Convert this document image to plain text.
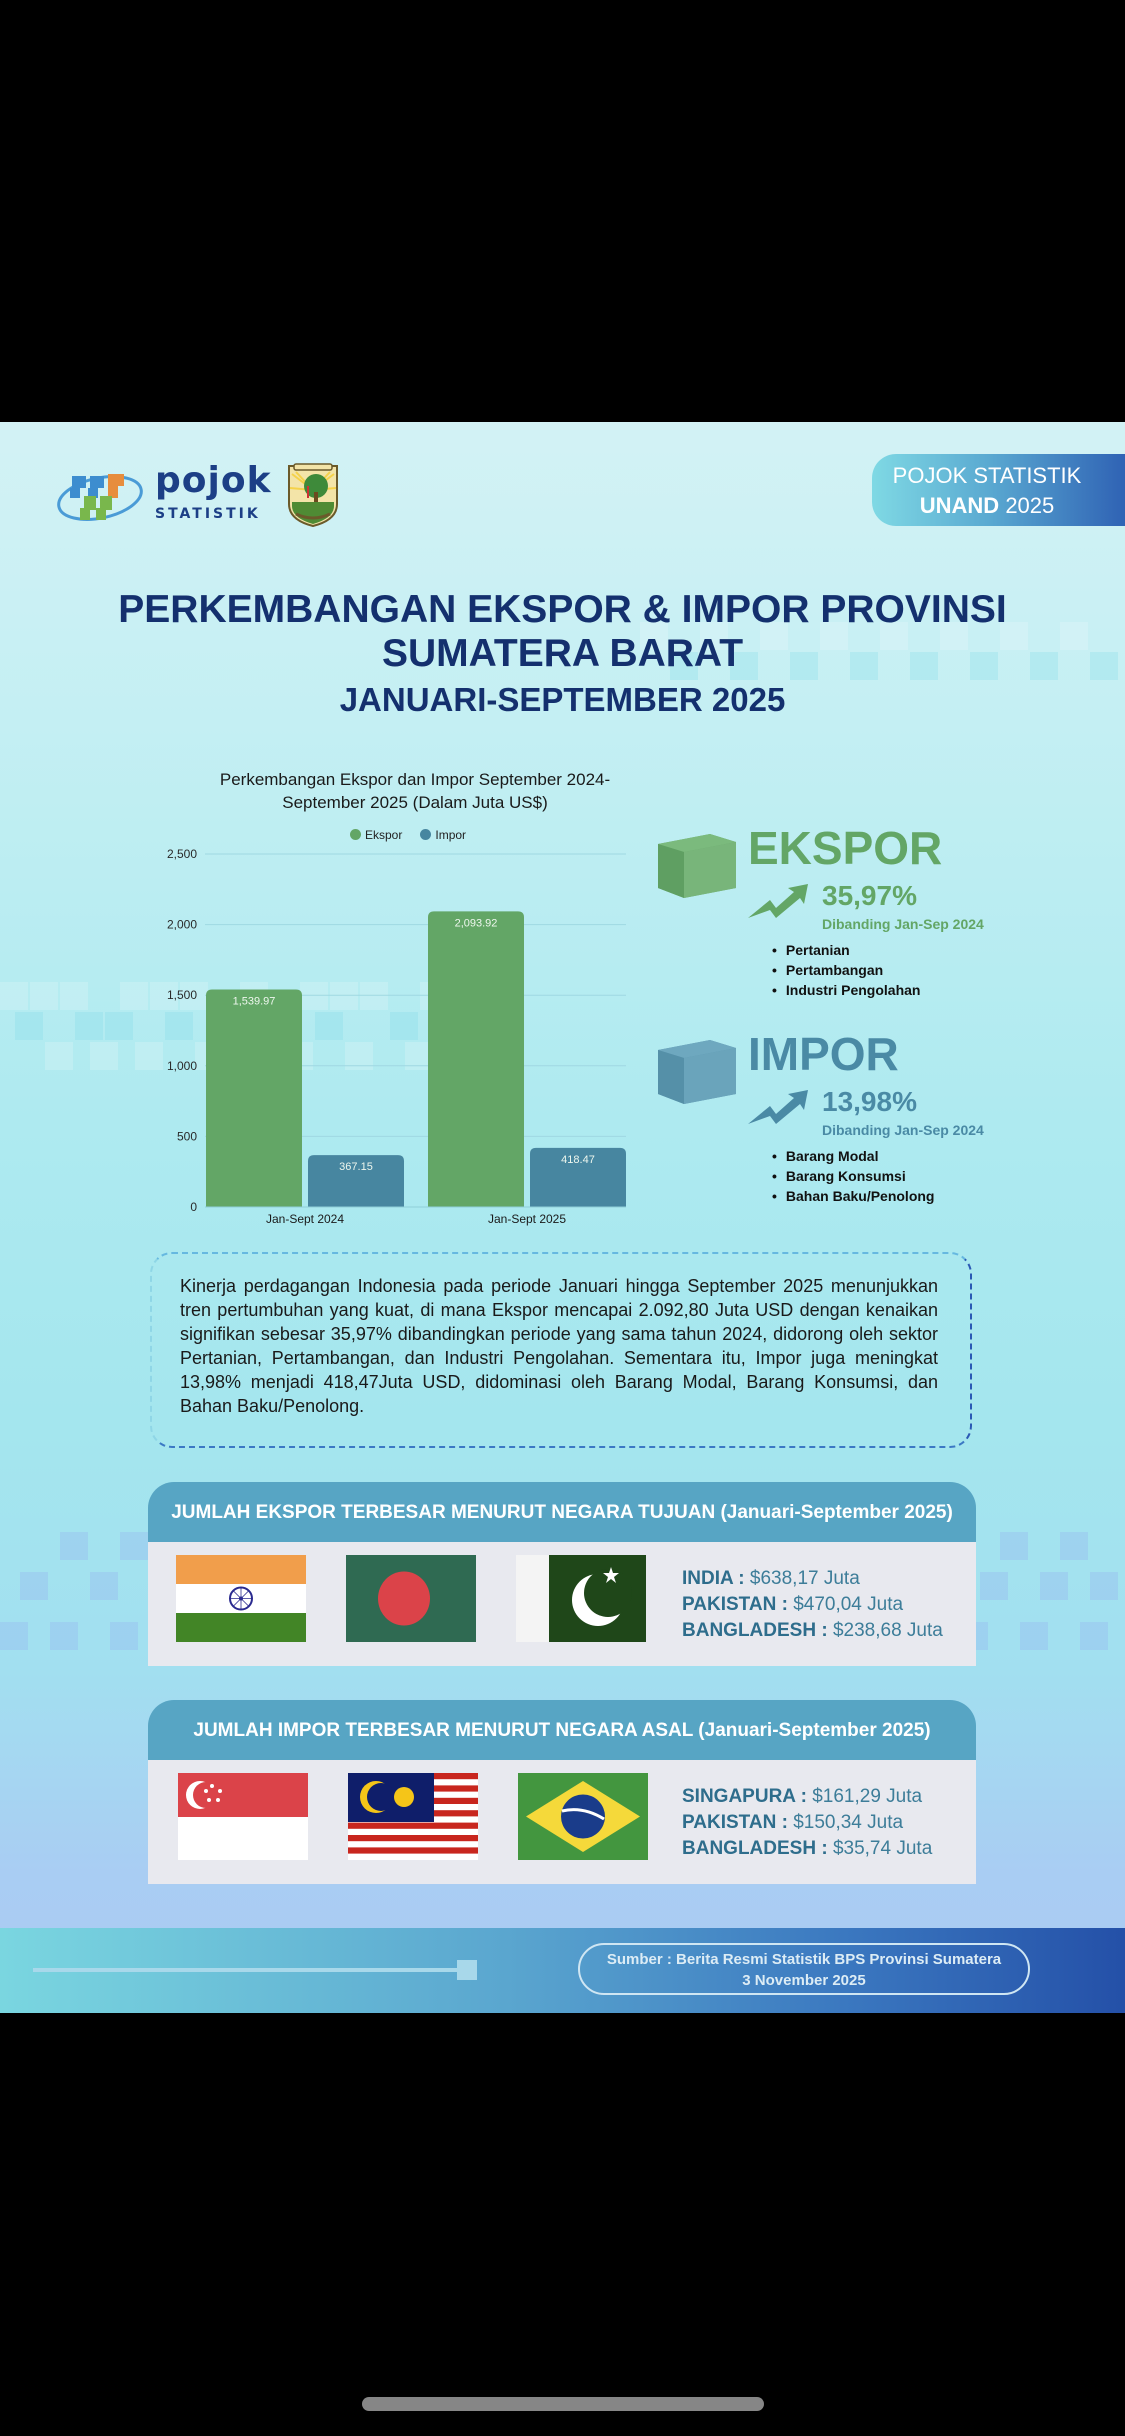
pojok
STATISTIK
POJOK STATISTIK
UNAND 2025
PERKEMBANGAN EKSPOR & IMPOR PROVINSI
SUMATERA BARAT
JANUARI-SEPTEMBER 2025
Perkembangan Ekspor dan Impor September 2024-
September 2025 (Dalam Juta US$)
Ekspor	Impor
0
500
1,000
1,500
2,000
2,500
1,539.97
367.15
Jan-Sept 2024
2,093.92
418.47
Jan-Sept 2025
EKSPOR
35,97%
Dibanding Jan-Sep 2024
• Pertanian
• Pertambangan
• Industri Pengolahan
IMPOR
13,98%
Dibanding Jan-Sep 2024
• Barang Modal
• Barang Konsumsi
• Bahan Baku/Penolong

Kinerja perdagangan Indonesia pada periode Januari hingga September 2025 menunjukkan tren pertumbuhan yang kuat, di mana Ekspor mencapai 2.092,80 Juta USD dengan kenaikan signifikan sebesar 35,97% dibandingkan periode yang sama tahun 2024, didorong oleh sektor Pertanian, Pertambangan, dan Industri Pengolahan. Sementara itu, Impor juga meningkat 13,98% menjadi 418,47Juta USD, didominasi oleh Barang Modal, Barang Konsumsi, dan Bahan Baku/Penolong.

JUMLAH EKSPOR TERBESAR MENURUT NEGARA TUJUAN (Januari-September 2025)
INDIA : $638,17 Juta
PAKISTAN : $470,04 Juta
BANGLADESH : $238,68 Juta
JUMLAH IMPOR TERBESAR MENURUT NEGARA ASAL (Januari-September 2025)
SINGAPURA : $161,29 Juta
PAKISTAN : $150,34 Juta
BANGLADESH : $35,74 Juta
Sumber : Berita Resmi Statistik BPS Provinsi Sumatera
3 November 2025
